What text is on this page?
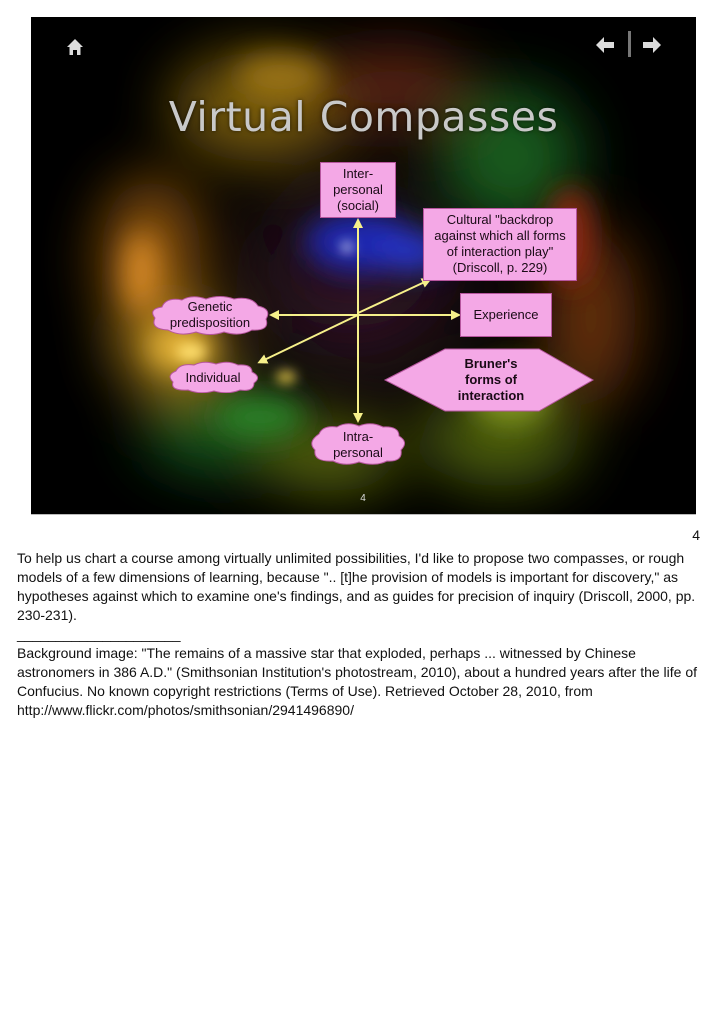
Virtual Compasses
Inter-
personal
(social)
Cultural "backdrop
against which all forms
of interaction play"
(Driscoll, p. 229)
Experience
Genetic
predisposition
Individual
Intra-
personal
Bruner's
forms of
interaction
4
4

To help us chart a course among virtually unlimited possibilities, I'd like to propose two compasses, or rough models of a few dimensions of learning, because ".. [t]he provision of models is important for discovery," as hypotheses against which to examine one's findings, and as guides for precision of inquiry (Driscoll, 2000, pp. 230-231).

_____________________

Background image: "The remains of a massive star that exploded, perhaps ... witnessed by Chinese astronomers in 386 A.D." (Smithsonian Institution's photostream, 2010), about a hundred years after the life of Confucius. No known copyright restrictions (Terms of Use). Retrieved October 28, 2010, from http://www.flickr.com/photos/smithsonian/2941496890/
